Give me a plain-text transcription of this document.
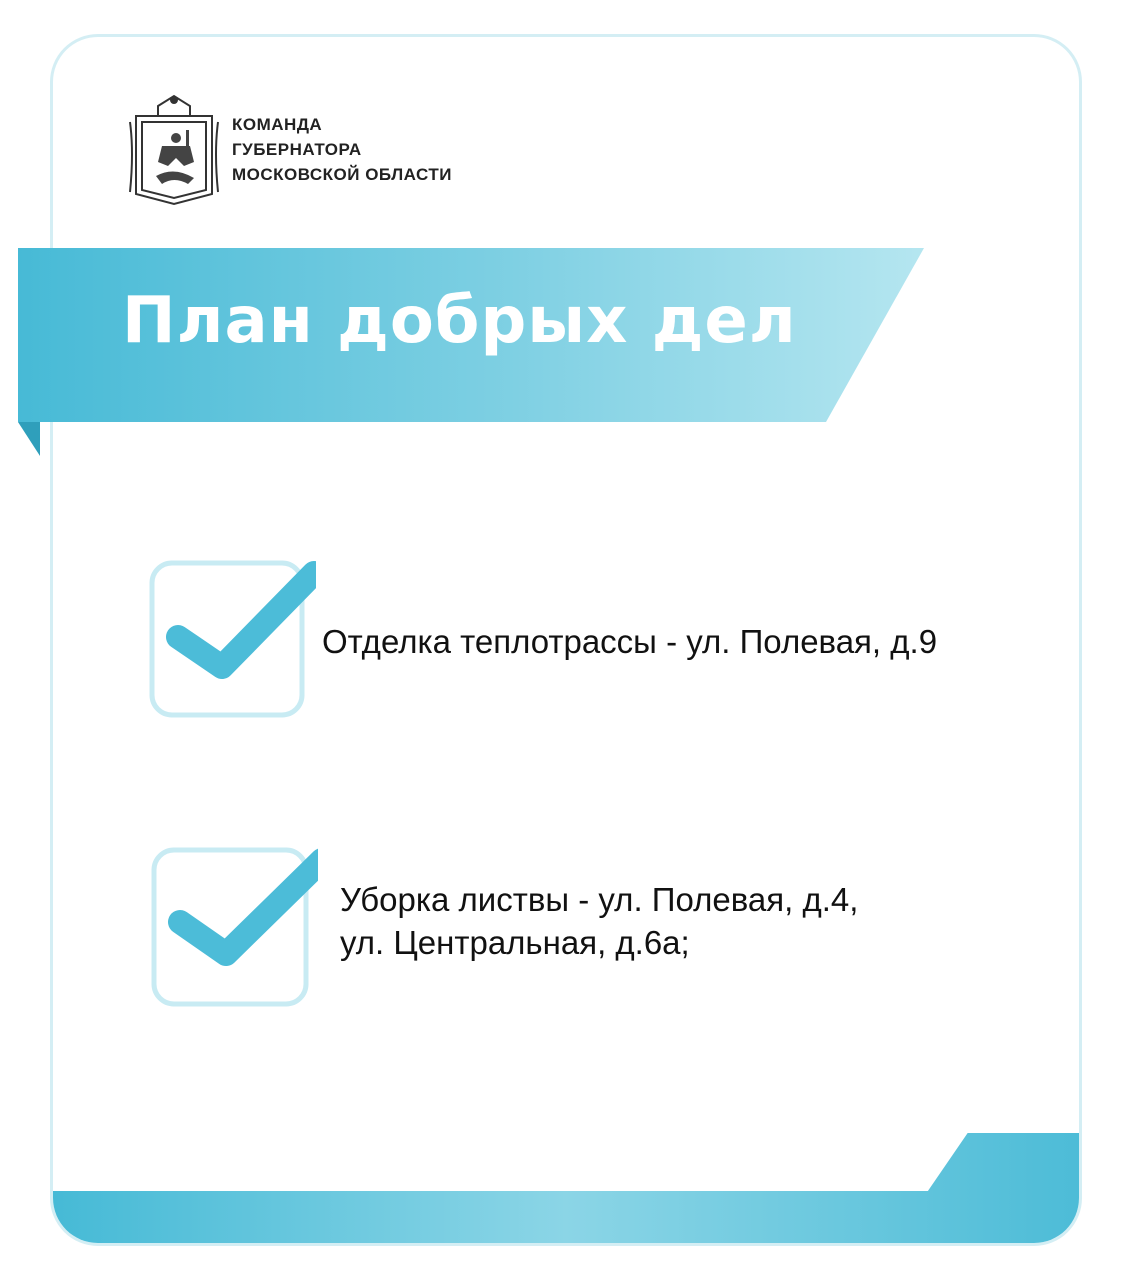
План добрых дел
КОМАНДА
ГУБЕРНАТОРА
МОСКОВСКОЙ ОБЛАСТИ
Отделка теплотрассы - ул. Полевая, д.9
Уборка листвы - ул. Полевая, д.4,
ул. Центральная, д.6а;
